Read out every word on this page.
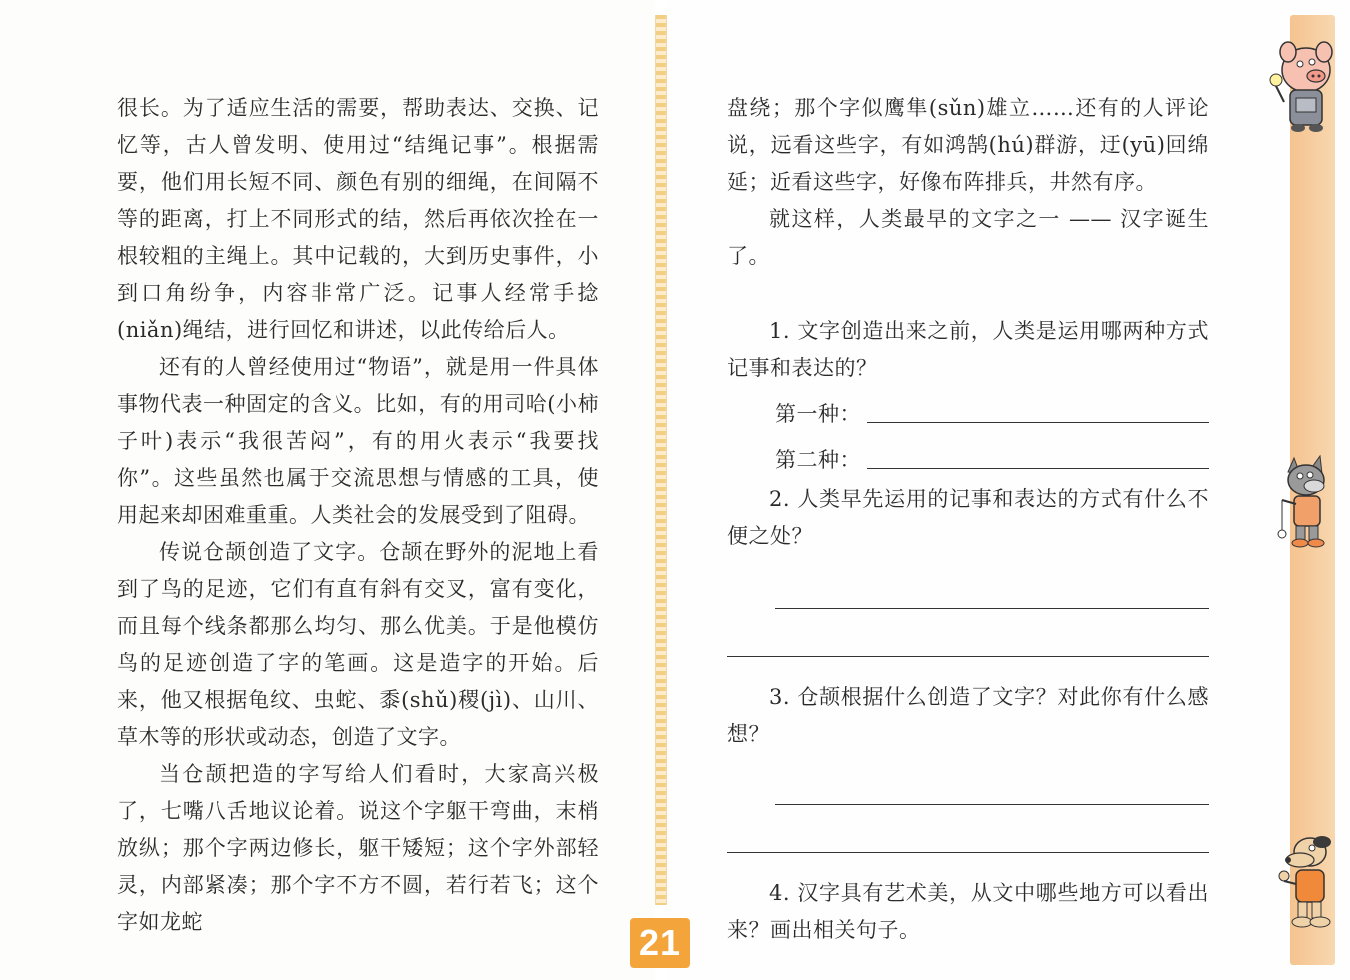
很长。为了适应生活的需要，帮助表达、交换、记忆等，古人曾发明、使用过“结绳记事”。根据需要，他们用长短不同、颜色有别的细绳，在间隔不等的距离，打上不同形式的结，然后再依次拴在一根较粗的主绳上。其中记载的，大到历史事件，小到口角纷争，内容非常广泛。记事人经常手捻(niǎn)绳结，进行回忆和讲述，以此传给后人。

还有的人曾经使用过“物语”，就是用一件具体事物代表一种固定的含义。比如，有的用司哈(小柿子叶)表示“我很苦闷”，有的用火表示“我要找你”。这些虽然也属于交流思想与情感的工具，使用起来却困难重重。人类社会的发展受到了阻碍。

传说仓颉创造了文字。仓颉在野外的泥地上看到了鸟的足迹，它们有直有斜有交叉，富有变化，而且每个线条都那么均匀、那么优美。于是他模仿鸟的足迹创造了字的笔画。这是造字的开始。后来，他又根据龟纹、虫蛇、黍(shǔ)稷(jì)、山川、草木等的形状或动态，创造了文字。

当仓颉把造的字写给人们看时，大家高兴极了，七嘴八舌地议论着。说这个字躯干弯曲，末梢放纵；那个字两边修长，躯干矮短；这个字外部轻灵，内部紧凑；那个字不方不圆，若行若飞；这个字如龙蛇

盘绕；那个字似鹰隼(sǔn)雄立……还有的人评论说，远看这些字，有如鸿鹄(hú)群游，迂(yū)回绵延；近看这些字，好像布阵排兵，井然有序。

就这样，人类最早的文字之一 —— 汉字诞生了。

1. 文字创造出来之前，人类是运用哪两种方式记事和表达的？

第一种：
第二种：

2. 人类早先运用的记事和表达的方式有什么不便之处？

3. 仓颉根据什么创造了文字？对此你有什么感想？

4. 汉字具有艺术美，从文中哪些地方可以看出来？画出相关句子。

21
